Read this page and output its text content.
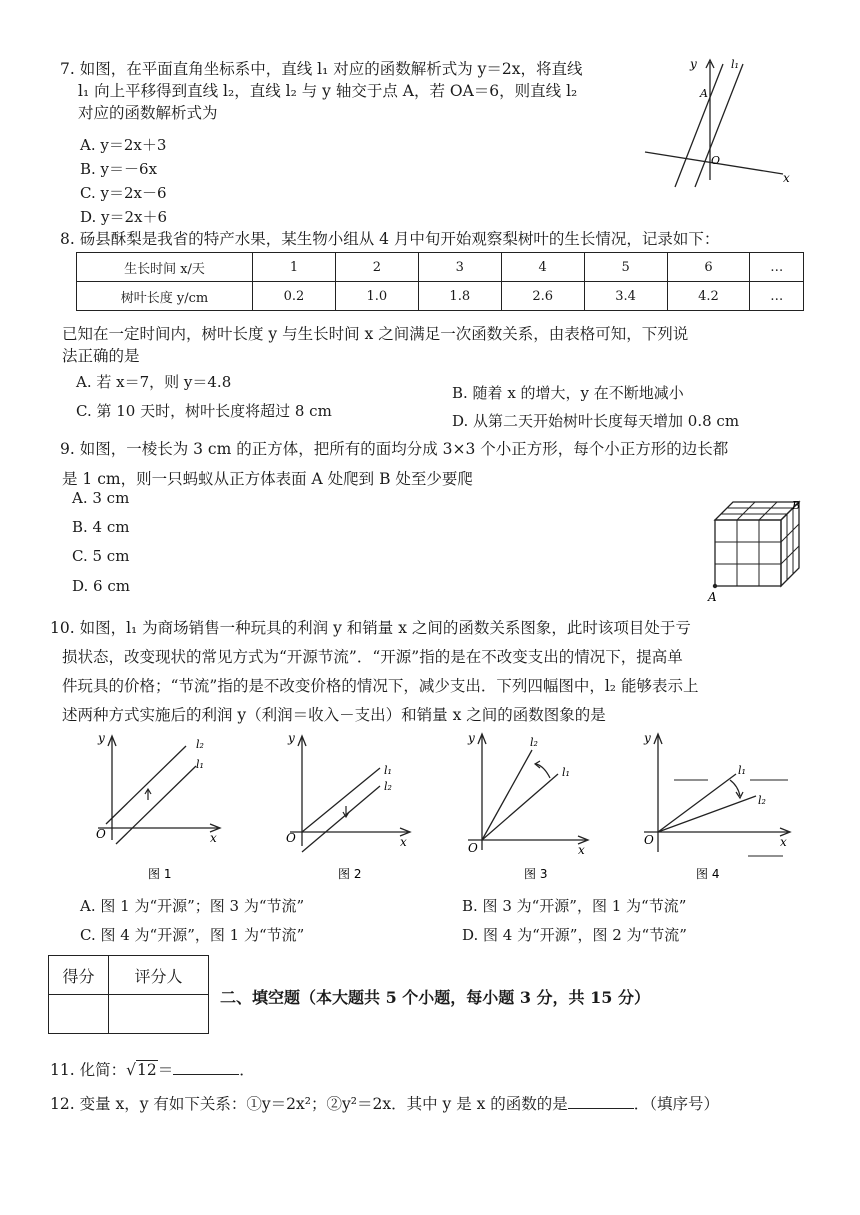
7. 如图，在平面直角坐标系中，直线 l₁ 对应的函数解析式为 y＝2x，将直线
l₁ 向上平移得到直线 l₂，直线 l₂ 与 y 轴交于点 A，若 OA＝6，则直线 l₂
对应的函数解析式为
A. y＝2x＋3
B. y＝－6x
C. y＝2x－6
D. y＝2x＋6
y
x
l₁
A
O
8. 砀县酥梨是我省的特产水果，某生物小组从 4 月中旬开始观察梨树叶的生长情况，记录如下：
生长时间 x/天	1	2	3	4	5	6	…
树叶长度 y/cm	0.2	1.0	1.8	2.6	3.4	4.2	…
已知在一定时间内，树叶长度 y 与生长时间 x 之间满足一次函数关系，由表格可知，下列说
法正确的是
A. 若 x＝7，则 y＝4.8
B. 随着 x 的增大，y 在不断地减小
C. 第 10 天时，树叶长度将超过 8 cm
D. 从第二天开始树叶长度每天增加 0.8 cm
9. 如图，一棱长为 3 cm 的正方体，把所有的面均分成 3×3 个小正方形，每个小正方形的边长都
是 1 cm，则一只蚂蚁从正方体表面 A 处爬到 B 处至少要爬
A. 3 cm
B. 4 cm
C. 5 cm
D. 6 cm
A
B
10. 如图，l₁ 为商场销售一种玩具的利润 y 和销量 x 之间的函数关系图象，此时该项目处于亏
损状态，改变现状的常见方式为“开源节流”．“开源”指的是在不改变支出的情况下，提高单
件玩具的价格；“节流”指的是不改变价格的情况下，减少支出．下列四幅图中，l₂ 能够表示上
述两种方式实施后的利润 y（利润＝收入－支出）和销量 x 之间的函数图象的是
y
x
O
l₂
l₁
图 1
y
x
O
l₁
l₂
图 2
y
x
O
l₂
l₁
图 3
y
x
O
l₁
l₂
图 4
A. 图 1 为“开源”；图 3 为“节流”	B. 图 3 为“开源”，图 1 为“节流”
C. 图 4 为“开源”，图 1 为“节流”	D. 图 4 为“开源”，图 2 为“节流”
得分	评分人

二、填空题（本大题共 5 个小题，每小题 3 分，共 15 分）
11. 化简：√12＝	．
12. 变量 x，y 有如下关系：①y＝2x²；②y²＝2x．其中 y 是 x 的函数的是	．（填序号）
